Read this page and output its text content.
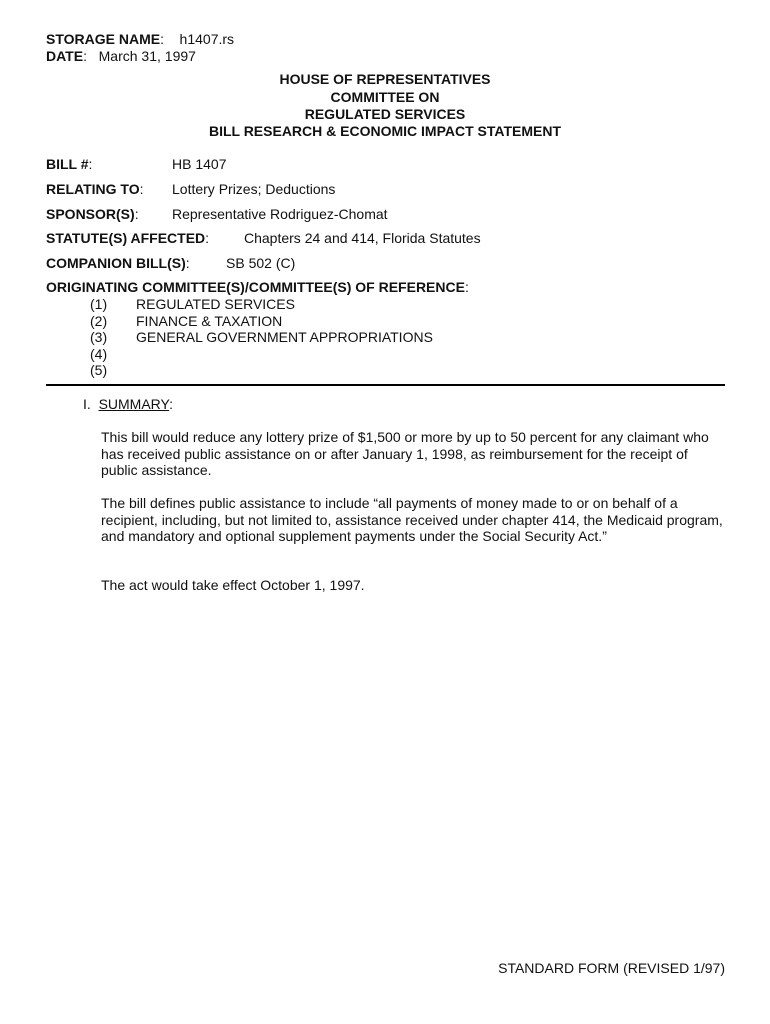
STORAGE NAME:    h1407.rs
DATE:   March 31, 1997
HOUSE OF REPRESENTATIVES
COMMITTEE ON
REGULATED SERVICES
BILL RESEARCH & ECONOMIC IMPACT STATEMENT
BILL #:	HB 1407
RELATING TO: Lottery Prizes; Deductions
SPONSOR(S): Representative Rodriguez-Chomat
STATUTE(S) AFFECTED: Chapters 24 and 414, Florida Statutes
COMPANION BILL(S):	SB 502 (C)
ORIGINATING COMMITTEE(S)/COMMITTEE(S) OF REFERENCE:
(1) REGULATED SERVICES
(2) FINANCE & TAXATION
(3) GENERAL GOVERNMENT APPROPRIATIONS
(4)
(5)
I. SUMMARY:
This bill would reduce any lottery prize of $1,500 or more by up to 50 percent for any claimant who has received public assistance on or after January 1, 1998, as reimbursement for the receipt of public assistance.
The bill defines public assistance to include “all payments of money made to or on behalf of a recipient, including, but not limited to, assistance received under chapter 414, the Medicaid program, and mandatory and optional supplement payments under the Social Security Act.”
The act would take effect October 1, 1997.
STANDARD FORM (REVISED 1/97)
